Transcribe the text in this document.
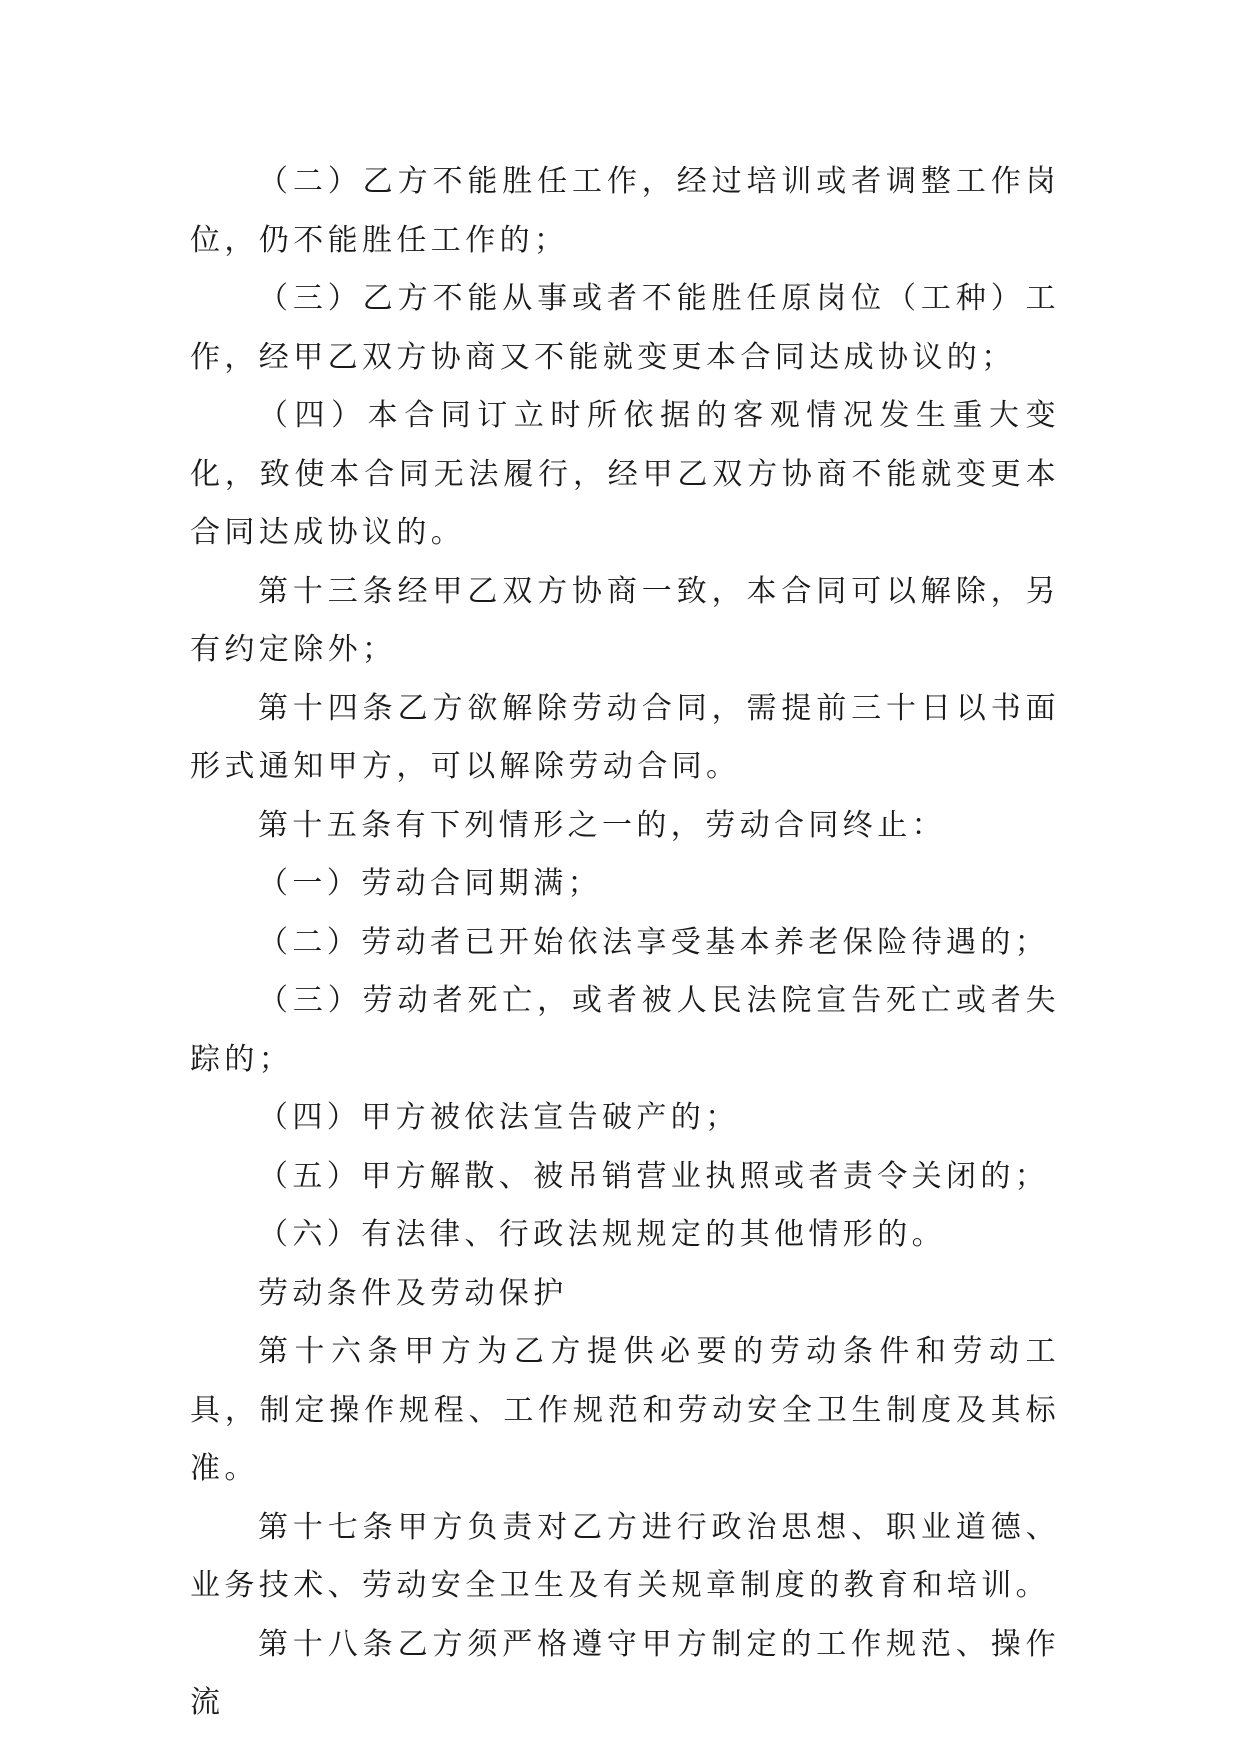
（二）乙方不能胜任工作，经过培训或者调整工作岗位，仍不能胜任工作的；

（三）乙方不能从事或者不能胜任原岗位（工种）工作，经甲乙双方协商又不能就变更本合同达成协议的；

（四）本合同订立时所依据的客观情况发生重大变化，致使本合同无法履行，经甲乙双方协商不能就变更本合同达成协议的。

第十三条经甲乙双方协商一致，本合同可以解除，另有约定除外；

第十四条乙方欲解除劳动合同，需提前三十日以书面形式通知甲方，可以解除劳动合同。

第十五条有下列情形之一的，劳动合同终止：

（一）劳动合同期满；

（二）劳动者已开始依法享受基本养老保险待遇的；

（三）劳动者死亡，或者被人民法院宣告死亡或者失踪的；

（四）甲方被依法宣告破产的；

（五）甲方解散、被吊销营业执照或者责令关闭的；

（六）有法律、行政法规规定的其他情形的。

劳动条件及劳动保护

第十六条甲方为乙方提供必要的劳动条件和劳动工具，制定操作规程、工作规范和劳动安全卫生制度及其标准。

第十七条甲方负责对乙方进行政治思想、职业道德、业务技术、劳动安全卫生及有关规章制度的教育和培训。

第十八条乙方须严格遵守甲方制定的工作规范、操作流
